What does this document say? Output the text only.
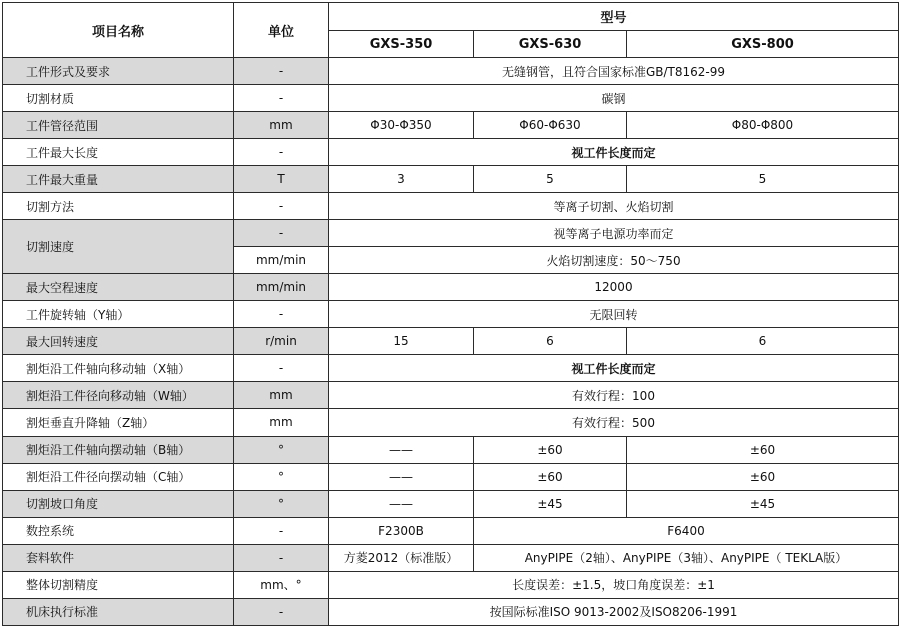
项目名称	单位	型号		
		GXS-350	GXS-630	GXS-800
工件形式及要求	-	无缝钢管，且符合国家标准GB/T8162-99		
切割材质	-	碳钢		
工件管径范围	mm	Φ30-Φ350	Φ60-Φ630	Φ80-Φ800
工件最大长度	-	视工件长度而定		
工件最大重量	T	3	5	5
切割方法	-	等离子切割、火焰切割		
切割速度	-	视等离子电源功率而定		
	mm/min	火焰切割速度：50～750		
最大空程速度	mm/min	12000		
工件旋转轴（Y轴）	-	无限回转		
最大回转速度	r/min	15	6	6
割炬沿工件轴向移动轴（X轴）	-	视工件长度而定		
割炬沿工件径向移动轴（W轴）	mm	有效行程：100		
割炬垂直升降轴（Z轴）	mm	有效行程：500		
割炬沿工件轴向摆动轴（B轴）	°	——	±60	±60
割炬沿工件径向摆动轴（C轴）	°	——	±60	±60
切割坡口角度	°	——	±45	±45
数控系统	-	F2300B	F6400	
套料软件	-	方菱2012（标准版）	AnyPIPE（2轴）、AnyPIPE（3轴）、AnyPIPE（ TEKLA版）	
整体切割精度	mm、°	长度误差：±1.5，坡口角度误差：±1		
机床执行标准	-	按国际标准ISO 9013-2002及ISO8206-1991		
